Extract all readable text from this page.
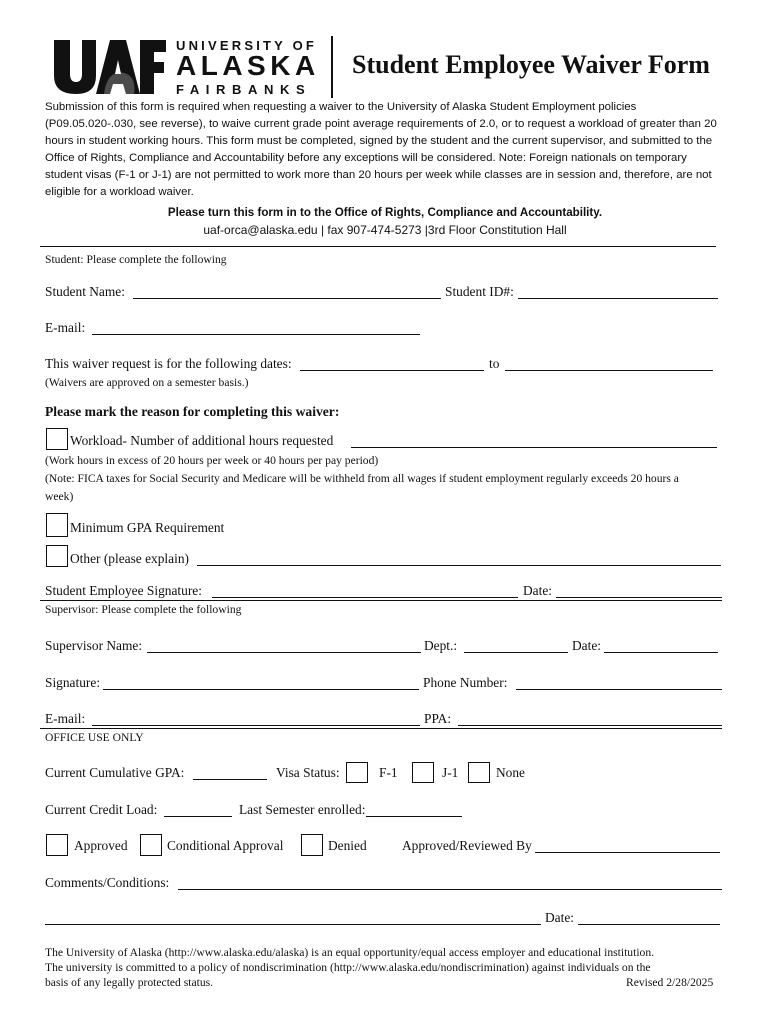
UNIVERSITY OF
ALASKA
FAIRBANKS
Student Employee Waiver Form
Submission of this form is required when requesting a waiver to the University of Alaska Student Employment policies (P09.05.020-.030, see reverse), to waive current grade point average requirements of 2.0, or to request a workload of greater than 20 hours in student working hours. This form must be completed, signed by the student and the current supervisor, and submitted to the Office of Rights, Compliance and Accountability before any exceptions will be considered. Note: Foreign nationals on temporary student visas (F-1 or J-1) are not permitted to work more than 20 hours per week while classes are in session and, therefore, are not eligible for a workload waiver.
Please turn this form in to the Office of Rights, Compliance and Accountability.
uaf-orca@alaska.edu | fax 907-474-5273 |3rd Floor Constitution Hall
Student: Please complete the following
Student Name:	Student ID#:
E-mail:
This waiver request is for the following dates:	to
(Waivers are approved on a semester basis.)
Please mark the reason for completing this waiver:
Workload- Number of additional hours requested
(Work hours in excess of 20 hours per week or 40 hours per pay period)
(Note: FICA taxes for Social Security and Medicare will be withheld from all wages if student employment regularly exceeds 20 hours a
week)
Minimum GPA Requirement
Other (please explain)
Student Employee Signature:	Date:
Supervisor: Please complete the following
Supervisor Name:	Dept.:	Date:
Signature:	Phone Number:
E-mail:	PPA:
OFFICE USE ONLY
Current Cumulative GPA:	Visa Status:	F-1	J-1	None
Current Credit Load:	Last Semester enrolled:
Approved	Conditional Approval	Denied	Approved/Reviewed By
Comments/Conditions:
Date:
The University of Alaska (http://www.alaska.edu/alaska) is an equal opportunity/equal access employer and educational institution.
The university is committed to a policy of nondiscrimination (http://www.alaska.edu/nondiscrimination) against individuals on the
basis of any legally protected status.	Revised 2/28/2025
